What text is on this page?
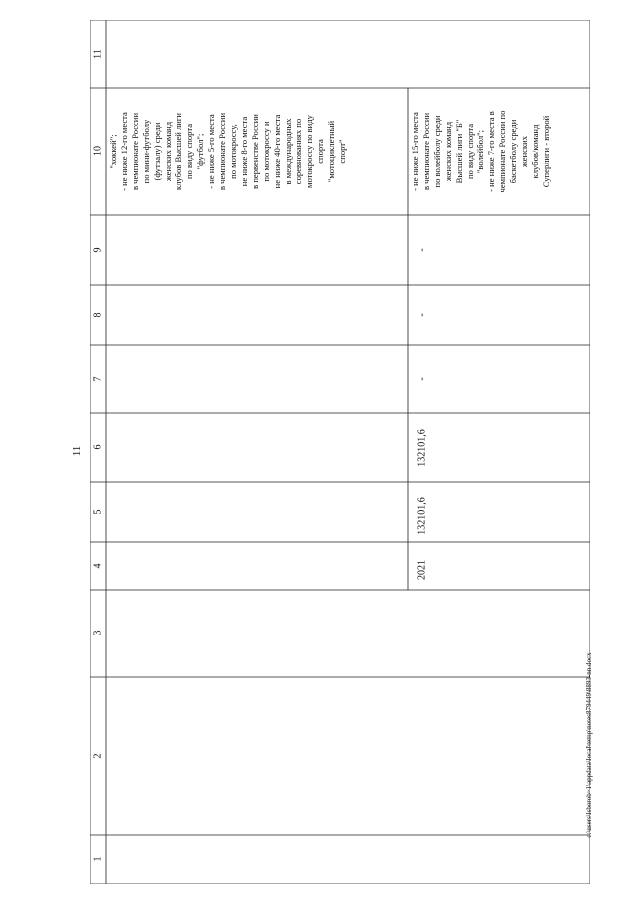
11
c:\users\lsborob~1\appdata\local\temp\notes879449\8893-nn.docx
11
10
9
8
7
6
5
4
3
2
1
"хоккей"; - не ниже 12-го места в чемпионате России по мини-футболу (футзалу) среди женских команд клубов Высшей лиги по виду спорта "футбол"; - не ниже 5-го места в чемпионате России по мотокроссу, не ниже 8-го места в первенстве России по мотокроссу и не ниже 40-го места в международных соревнованиях по мотокроссу по виду спорта "мотоциклетный спорт"	- не ниже 15-го места в чемпионате России по волейболу среди женских команд Высшей лиги "Б" по виду спорта "волейбол"; - не ниже 7-го места в чемпионате России по баскетболу среди женских клубов/команд Суперлиги - второй
-
-
-
132101,6
132101,6
2021
